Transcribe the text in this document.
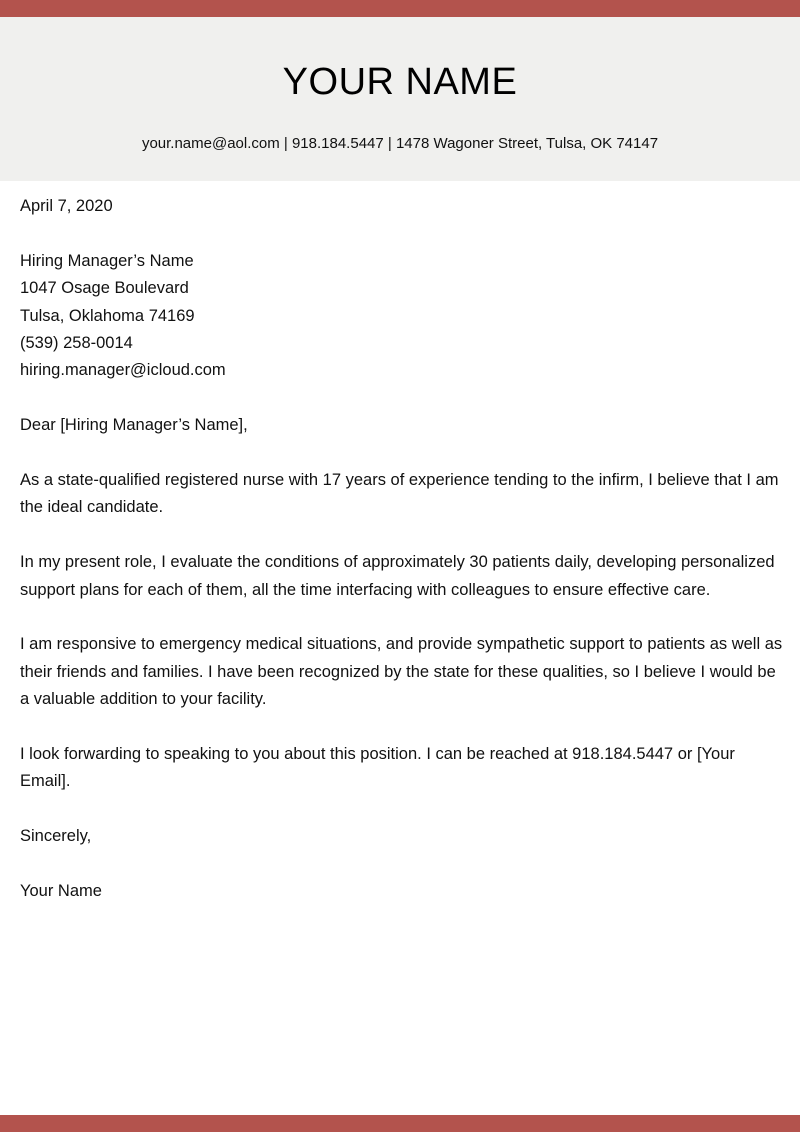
YOUR NAME
your.name@aol.com | 918.184.5447 | 1478 Wagoner Street, Tulsa, OK 74147

April 7, 2020

Hiring Manager’s Name
1047 Osage Boulevard
Tulsa, Oklahoma 74169
(539) 258-0014
hiring.manager@icloud.com

Dear [Hiring Manager’s Name],

As a state-qualified registered nurse with 17 years of experience tending to the infirm, I believe that I am the ideal candidate.

In my present role, I evaluate the conditions of approximately 30 patients daily, developing personalized support plans for each of them, all the time interfacing with colleagues to ensure effective care.

I am responsive to emergency medical situations, and provide sympathetic support to patients as well as their friends and families. I have been recognized by the state for these qualities, so I believe I would be a valuable addition to your facility.

I look forwarding to speaking to you about this position. I can be reached at 918.184.5447 or [Your Email].

Sincerely,

Your Name
